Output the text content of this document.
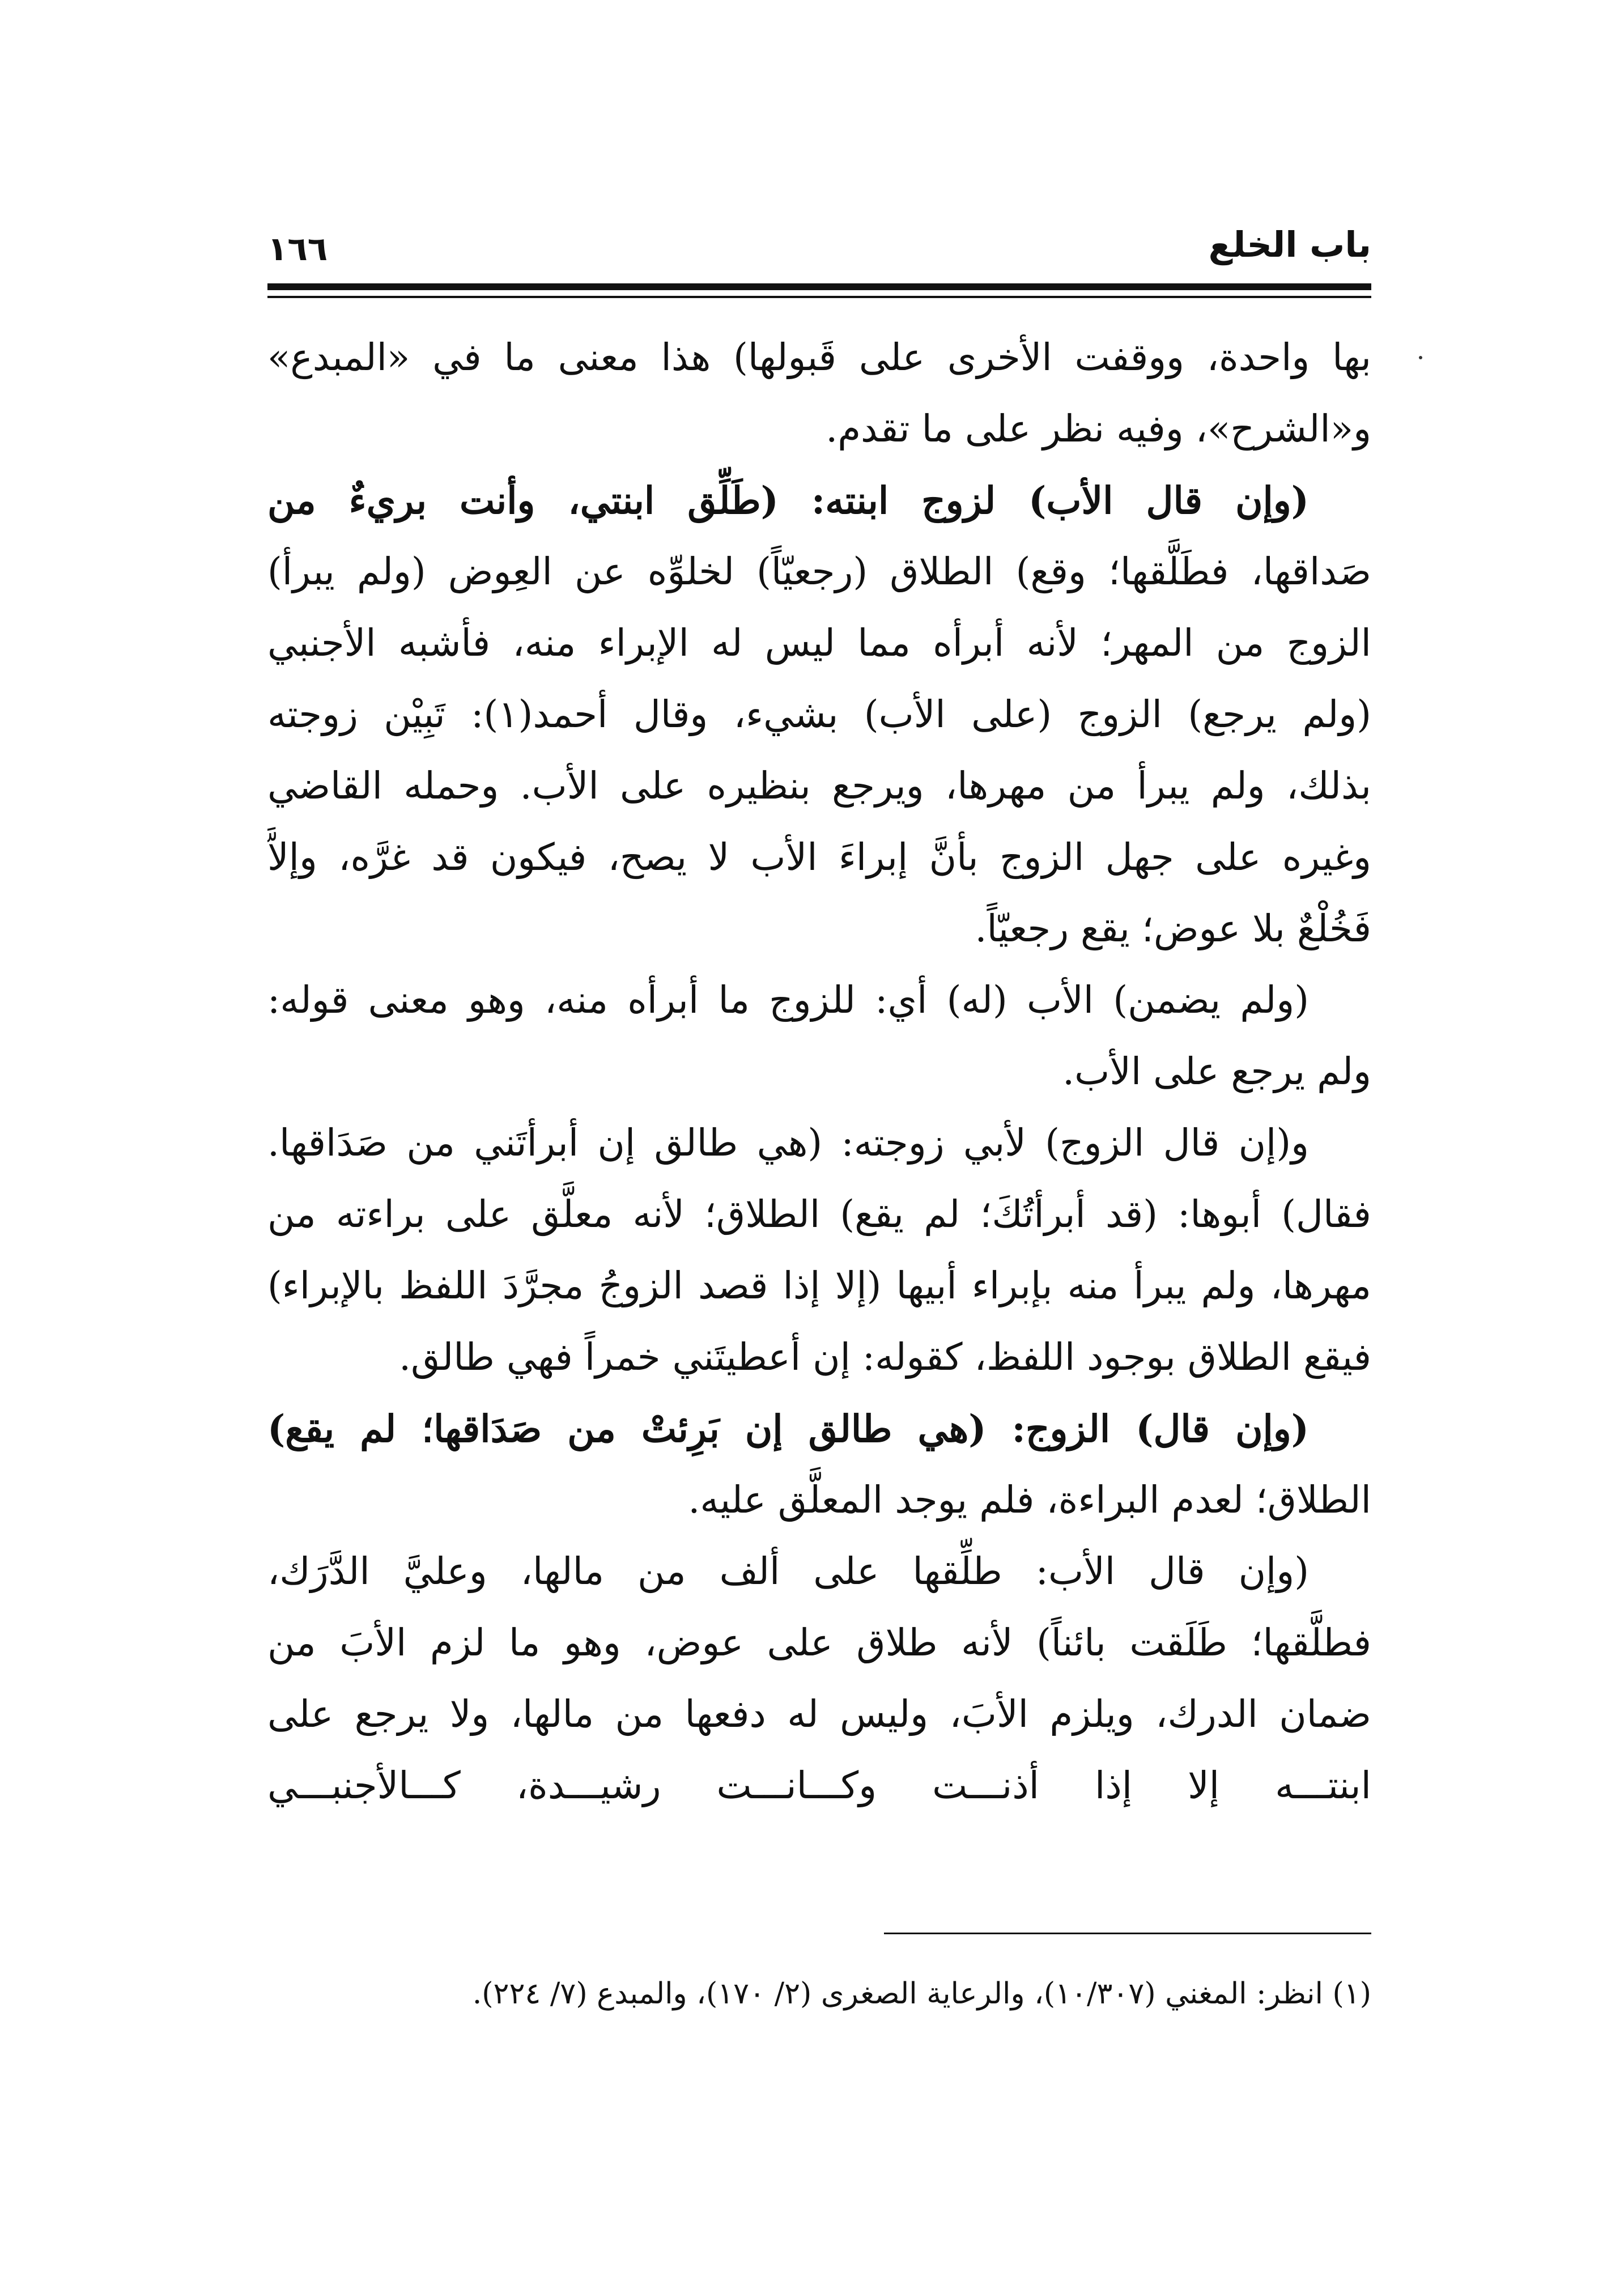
باب الخلع
١٦٦
بها واحدة، ووقفت الأخرى على قَبولها) هذا معنى ما في «المبدع»
و«الشرح»، وفيه نظر على ما تقدم.
(وإن قال الأب) لزوج ابنته: (طَلِّق ابنتي، وأنت بريءٌ من
صَداقها، فطَلَّقها؛ وقع) الطلاق (رجعيّاً) لخلوِّه عن العِوض (ولم يبرأ)
الزوج من المهر؛ لأنه أبرأه مما ليس له الإبراء منه، فأشبه الأجنبي
(ولم يرجع) الزوج (على الأب) بشيء، وقال أحمد(١): تَبِيْن زوجته
بذلك، ولم يبرأ من مهرها، ويرجع بنظيره على الأب. وحمله القاضي
وغيره على جهل الزوج بأنَّ إبراءَ الأب لا يصح، فيكون قد غرَّه، وإلاَّ
فَخُلْعٌ بلا عوض؛ يقع رجعيّاً.
(ولم يضمن) الأب (له) أي: للزوج ما أبرأه منه، وهو معنى قوله:
ولم يرجع على الأب.
و(إن قال الزوج) لأبي زوجته: (هي طالق إن أبرأتَني من صَدَاقها.
فقال) أبوها: (قد أبرأتُكَ؛ لم يقع) الطلاق؛ لأنه معلَّق على براءته من
مهرها، ولم يبرأ منه بإبراء أبيها (إلا إذا قصد الزوجُ مجرَّدَ اللفظ بالإبراء)
فيقع الطلاق بوجود اللفظ، كقوله: إن أعطيتَني خمراً فهي طالق.
(وإن قال) الزوج: (هي طالق إن بَرِئتْ من صَدَاقها؛ لم يقع)
الطلاق؛ لعدم البراءة، فلم يوجد المعلَّق عليه.
(وإن قال الأب: طلِّقها على ألف من مالها، وعليَّ الدَّرَك،
فطلَّقها؛ طَلَقت بائناً) لأنه طلاق على عوض، وهو ما لزم الأبَ من
ضمان الدرك، ويلزم الأبَ، وليس له دفعها من مالها، ولا يرجع على
ابنتـــه إلا إذا أذنـــت وكـــانـــت رشيـــدة، كـــالأجنبـــي
(١) انظر: المغني (١٠/٣٠٧)، والرعاية الصغرى (٢/ ١٧٠)، والمبدع (٧/ ٢٢٤).
